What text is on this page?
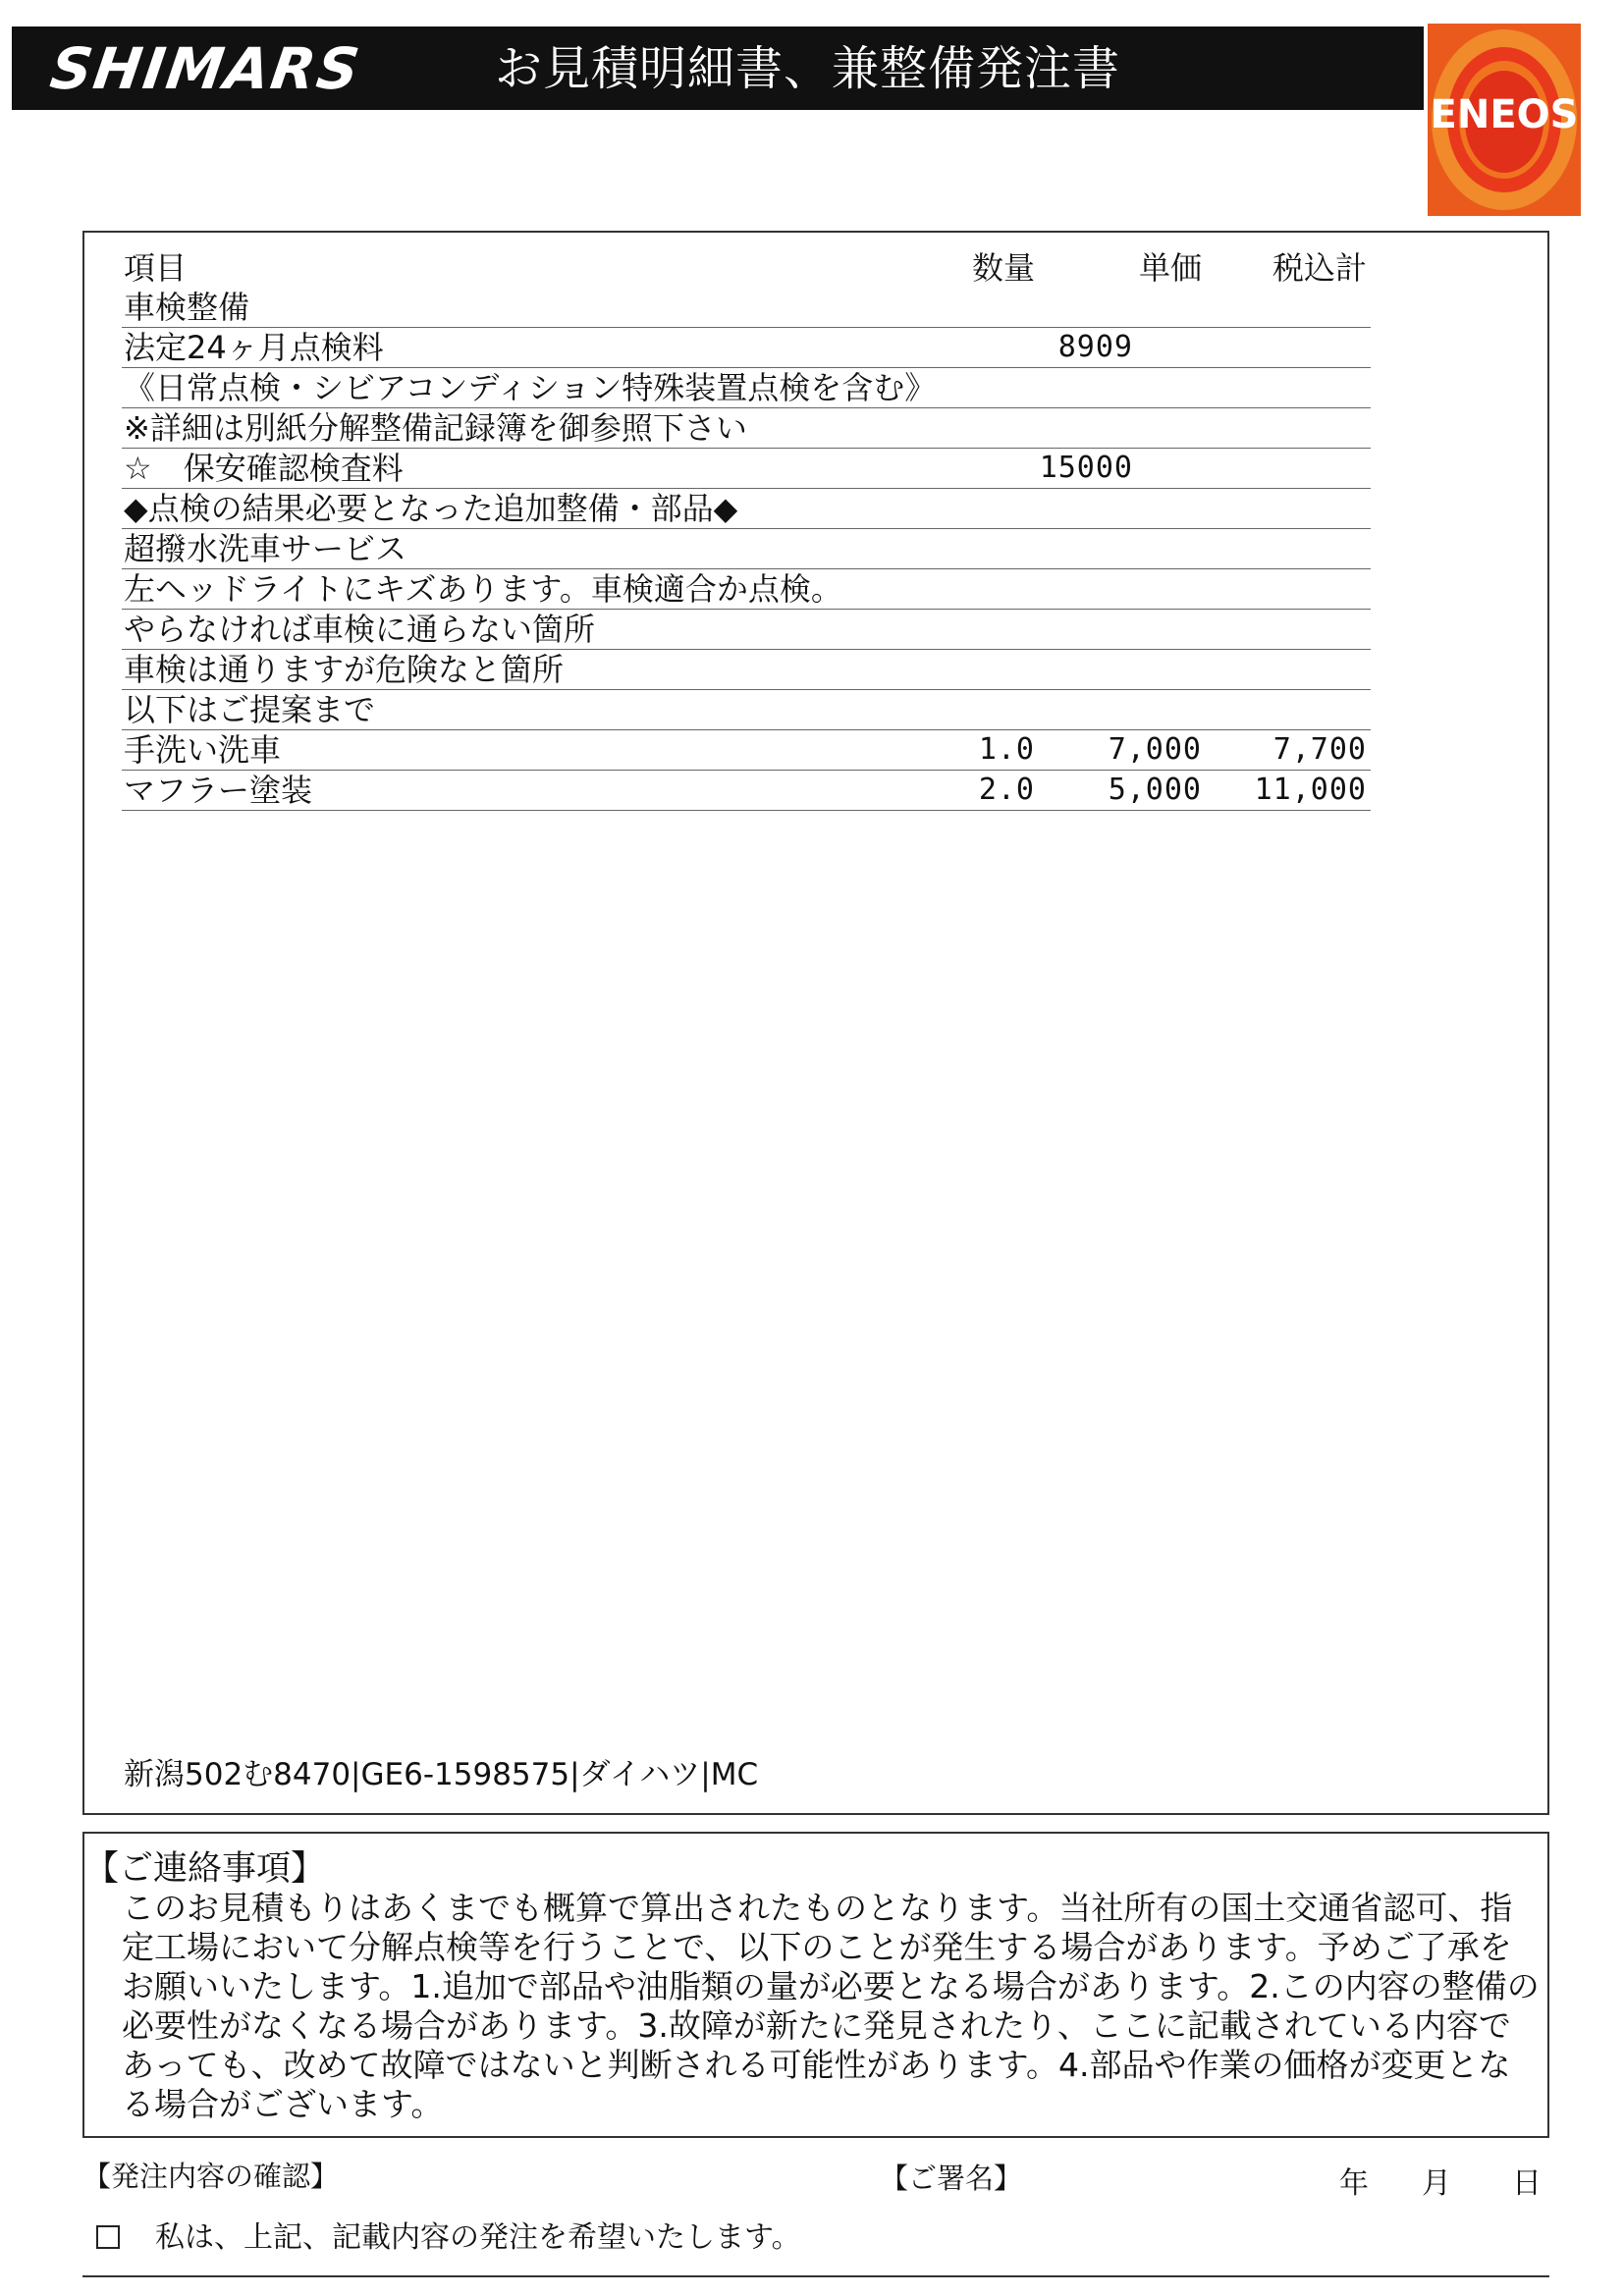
SHIMARS	お見積明細書、兼整備発注書
ENEOS
項目	数量	単価 税込計
車検整備
法定24ヶ月点検料	8909
《日常点検・シビアコンディション特殊装置点検を含む》
※詳細は別紙分解整備記録簿を御参照下さい
☆　保安確認検査料	15000
◆点検の結果必要となった追加整備・部品◆
超撥水洗車サービス
左ヘッドライトにキズあります。車検適合か点検。
やらなければ車検に通らない箇所
車検は通りますが危険なと箇所
以下はご提案まで
手洗い洗車	1.0 7,000 7,700
マフラー塗装	2.0 5,000 11,000
新潟502む8470|GE6-1598575|ダイハツ|MC
【ご連絡事項】
このお見積もりはあくまでも概算で算出されたものとなります。当社所有の国土交通省認可、指定工場において分解点検等を行うことで、以下のことが発生する場合があります。予めご了承をお願いいたします。1.追加で部品や油脂類の量が必要となる場合があります。2.この内容の整備の必要性がなくなる場合があります。3.故障が新たに発見されたり、ここに記載されている内容であっても、改めて故障ではないと判断される可能性があります。4.部品や作業の価格が変更となる場合がございます。
【発注内容の確認】	【ご署名】	年 月 日
私は、上記、記載内容の発注を希望いたします。
